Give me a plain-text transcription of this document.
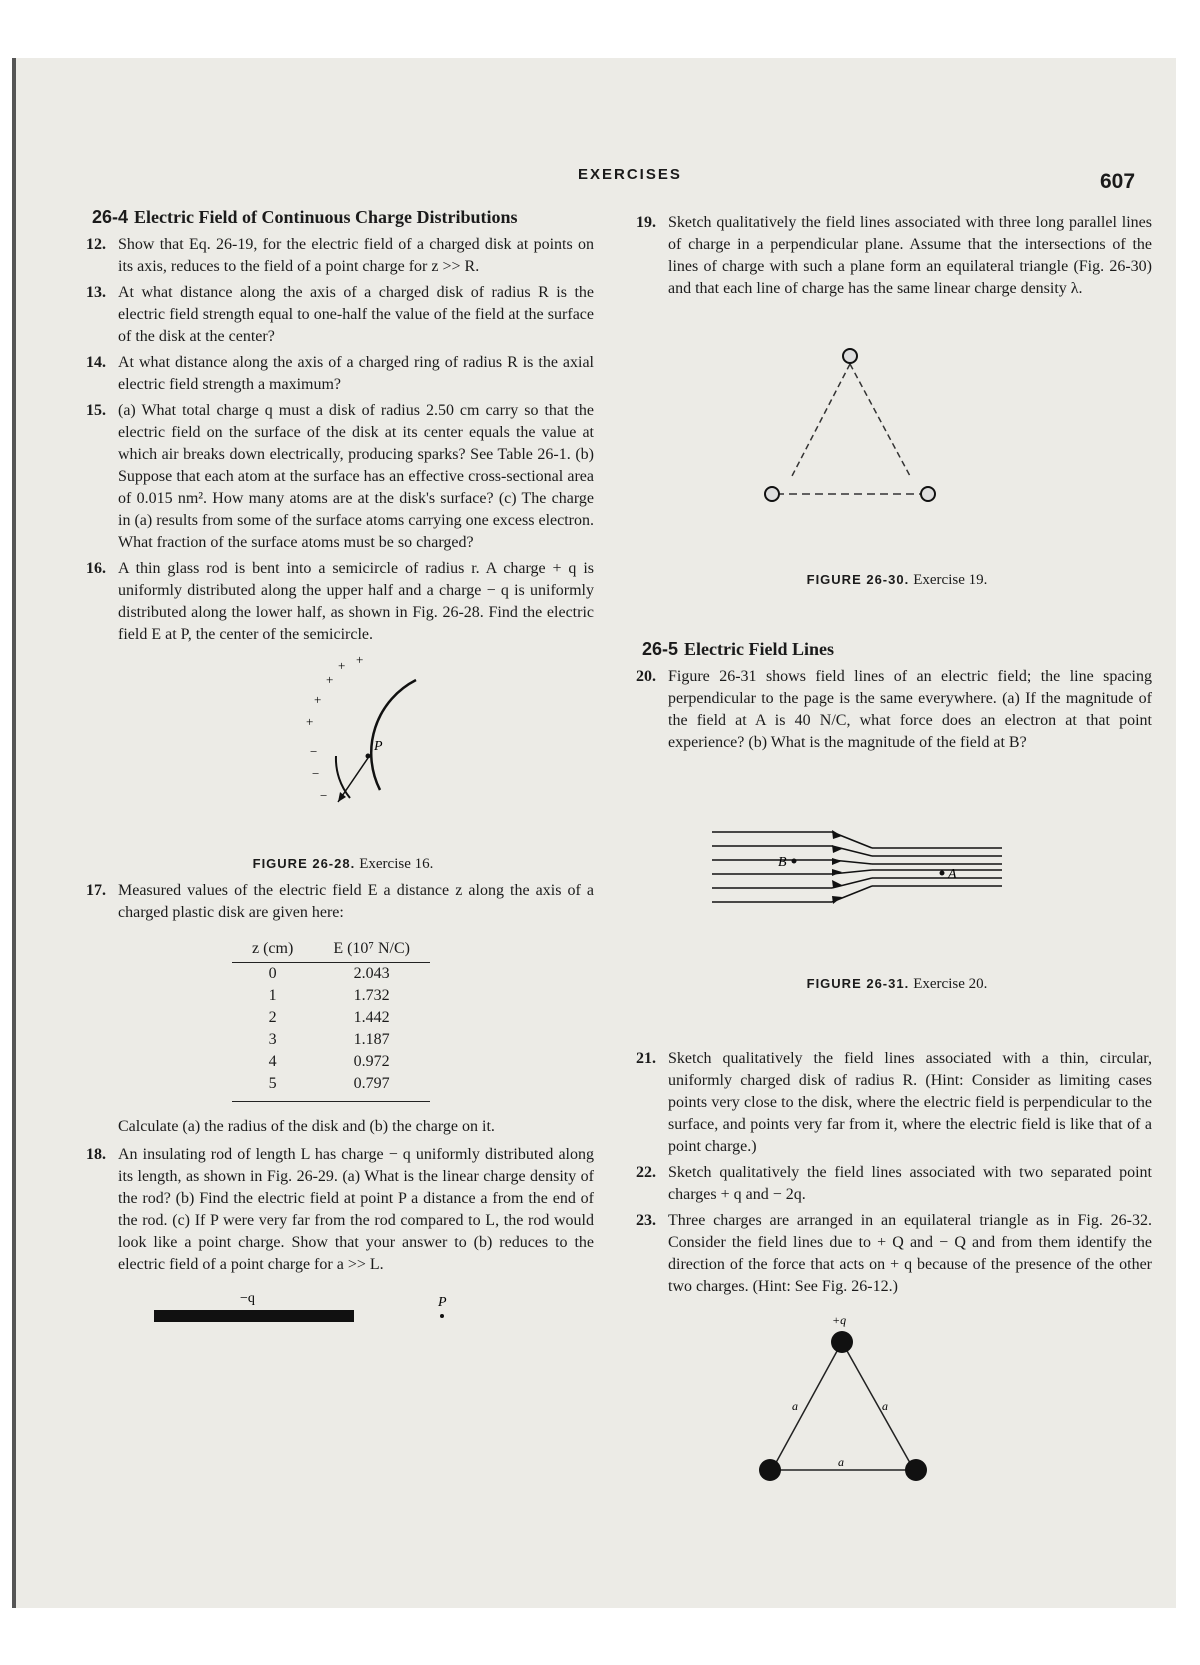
EXERCISES	607
26-4 Electric Field of Continuous Charge Distributions
12. Show that Eq. 26-19, for the electric field of a charged disk at points on its axis, reduces to the field of a point charge for z >> R.
13. At what distance along the axis of a charged disk of radius R is the electric field strength equal to one-half the value of the field at the surface of the disk at the center?
14. At what distance along the axis of a charged ring of radius R is the axial electric field strength a maximum?
15. (a) What total charge q must a disk of radius 2.50 cm carry so that the electric field on the surface of the disk at its center equals the value at which air breaks down electrically, producing sparks? See Table 26-1. (b) Suppose that each atom at the surface has an effective cross-sectional area of 0.015 nm². How many atoms are at the disk's surface? (c) The charge in (a) results from some of the surface atoms carrying one excess electron. What fraction of the surface atoms must be so charged?
16. A thin glass rod is bent into a semicircle of radius r. A charge + q is uniformly distributed along the upper half and a charge − q is uniformly distributed along the lower half, as shown in Fig. 26-28. Find the electric field E at P, the center of the semicircle.
P
+ +
+
+
+
−
−
−
FIGURE 26-28. Exercise 16.
17. Measured values of the electric field E a distance z along the axis of a charged plastic disk are given here:
z (cm)	E (10⁷ N/C)
0	2.043
1	1.732
2	1.442
3	1.187
4	0.972
5	0.797
Calculate (a) the radius of the disk and (b) the charge on it.
18. An insulating rod of length L has charge − q uniformly distributed along its length, as shown in Fig. 26-29. (a) What is the linear charge density of the rod? (b) Find the electric field at point P a distance a from the end of the rod. (c) If P were very far from the rod compared to L, the rod would look like a point charge. Show that your answer to (b) reduces to the electric field of a point charge for a >> L.
−q	P
19. Sketch qualitatively the field lines associated with three long parallel lines of charge in a perpendicular plane. Assume that the intersections of the lines of charge with such a plane form an equilateral triangle (Fig. 26-30) and that each line of charge has the same linear charge density λ.
FIGURE 26-30. Exercise 19.
26-5 Electric Field Lines
20. Figure 26-31 shows field lines of an electric field; the line spacing perpendicular to the page is the same everywhere. (a) If the magnitude of the field at A is 40 N/C, what force does an electron at that point experience? (b) What is the magnitude of the field at B?
B
A
FIGURE 26-31. Exercise 20.
21. Sketch qualitatively the field lines associated with a thin, circular, uniformly charged disk of radius R. (Hint: Consider as limiting cases points very close to the disk, where the electric field is perpendicular to the surface, and points very far from it, where the electric field is like that of a point charge.)
22. Sketch qualitatively the field lines associated with two separated point charges + q and − 2q.
23. Three charges are arranged in an equilateral triangle as in Fig. 26-32. Consider the field lines due to + Q and − Q and from them identify the direction of the force that acts on + q because of the presence of the other two charges. (Hint: See Fig. 26-12.)
+q
a	a
a
